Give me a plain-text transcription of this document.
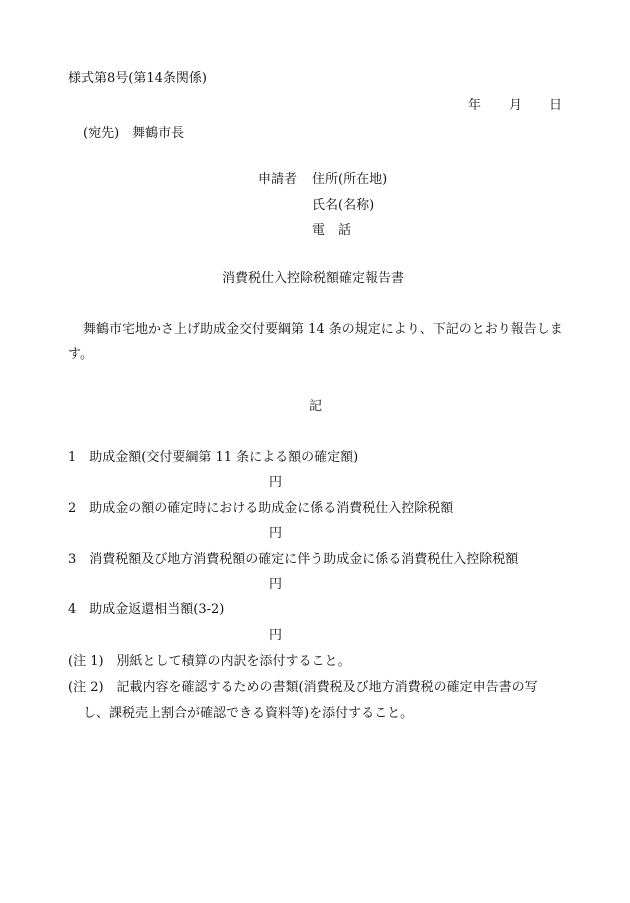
様式第8号(第14条関係)
年 月 日
(宛先)　舞鶴市長
申請者 住所(所在地)
氏名(名称)
電　話
消費税仕入控除税額確定報告書
舞鶴市宅地かさ上げ助成金交付要綱第 14 条の規定により、下記のとおり報告しま
す。
記
1　助成金額(交付要綱第 11 条による額の確定額)
円
2　助成金の額の確定時における助成金に係る消費税仕入控除税額
円
3　消費税額及び地方消費税額の確定に伴う助成金に係る消費税仕入控除税額
円
4　助成金返還相当額(3-2)
円
(注 1)　別紙として積算の内訳を添付すること。
(注 2)　記載内容を確認するための書類(消費税及び地方消費税の確定申告書の写
し、課税売上割合が確認できる資料等)を添付すること。
